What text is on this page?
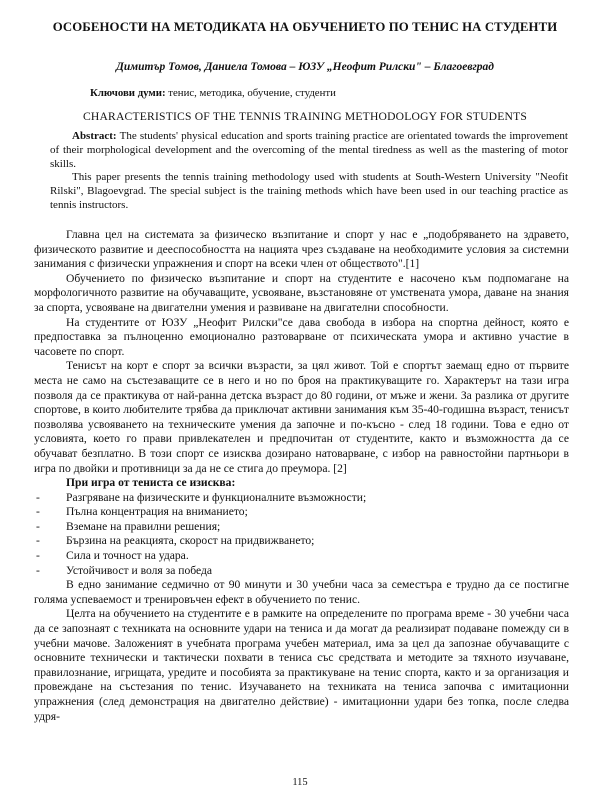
ОСОБЕНОСТИ НА МЕТОДИКАТА НА ОБУЧЕНИЕТО ПО ТЕНИС НА СТУДЕНТИ
Димитър Томов, Даниела Томова – ЮЗУ „Неофит Рилски" – Благоевград
Ключови думи: тенис, методика, обучение, студенти
CHARACTERISTICS OF THE TENNIS TRAINING METHODOLOGY FOR STUDENTS

Abstract: The students' physical education and sports training practice are orientated towards the improvement of their morphological development and the overcoming of the mental tiredness as well as the mastering of motor skills.

This paper presents the tennis training methodology used with students at South-Western University "Neofit Rilski", Blagoevgrad. The special subject is the training methods which have been used in our teaching practice as tennis instructors.

Главна цел на системата за физическо възпитание и спорт у нас е „подобряването на здравето, физическото развитие и дееспособността на нацията чрез създаване на необходимите условия за системни занимания с физически упражнения и спорт на всеки член от обществото".[1]

Обучението по физическо възпитание и спорт на студентите е насочено към подпомагане на морфологичното развитие на обучаващите, усвояване, възстановяне от умствената умора, даване на знания за спорта, усвояване на двигателни умения и развиване на двигателни способности.

На студентите от ЮЗУ „Неофит Рилски"се дава свобода в избора на спортна дейност, която е предпоставка за пълноценно емоционално разтоварване от психическата умора и активно участие в часовете по спорт.

Тенисът на корт е спорт за всички възрасти, за цял живот. Той е спортът заемащ едно от първите места не само на състезаващите се в него и но по броя на практикуващите го. Характерът на тази игра позволя да се практикува от най-ранна детска възраст до 80 години, от мъже и жени. За разлика от другите спортове, в които любителите трябва да приключат активни занимания към 35-40-годишна възраст, тенисът позволява усвояването на техническите умения да започне и по-късно - след 18 години. Това е едно от условията, което го прави привлекателен и предпочитан от студентите, както и възможността да се обучават безплатно. В този спорт се изисква дозирано натоварване, с избор на равностойни партньори в игра по двойки и противници за да не се стига до преумора. [2]

При игра от тениста се изисква:
- Разгряване на физическите и функционалните възможности;
- Пълна концентрация на вниманието;
- Вземане на правилни решения;
- Бързина на реакцията, скорост на придвижването;
- Сила и точност на удара.
- Устойчивост и воля за победа

В едно занимание седмично от 90 минути и 30 учебни часа за семестъра е трудно да се постигне голяма успеваемост и тренировъчен ефект в обучението по тенис.

Целта на обучението на студентите е в рамките на определените по програма време - 30 учебни часа да се запознаят с техниката на основните удари на тениса и да могат да реализират подаване помежду си в учебни мачове. Заложеният в учебната програма учебен материал, има за цел да запознае обучаващите с основните технически и тактически похвати в тениса със средствата и методите за тяхното изучаване, правилознание, игрищата, уредите и пособията за практикуване на тенис спорта, както и за организация и провеждане на състезания по тенис. Изучаването на техниката на тениса започва с имитационни упражнения (след демонстрация на двигателно действие) - имитационни удари без топка, после следва удря-

115
